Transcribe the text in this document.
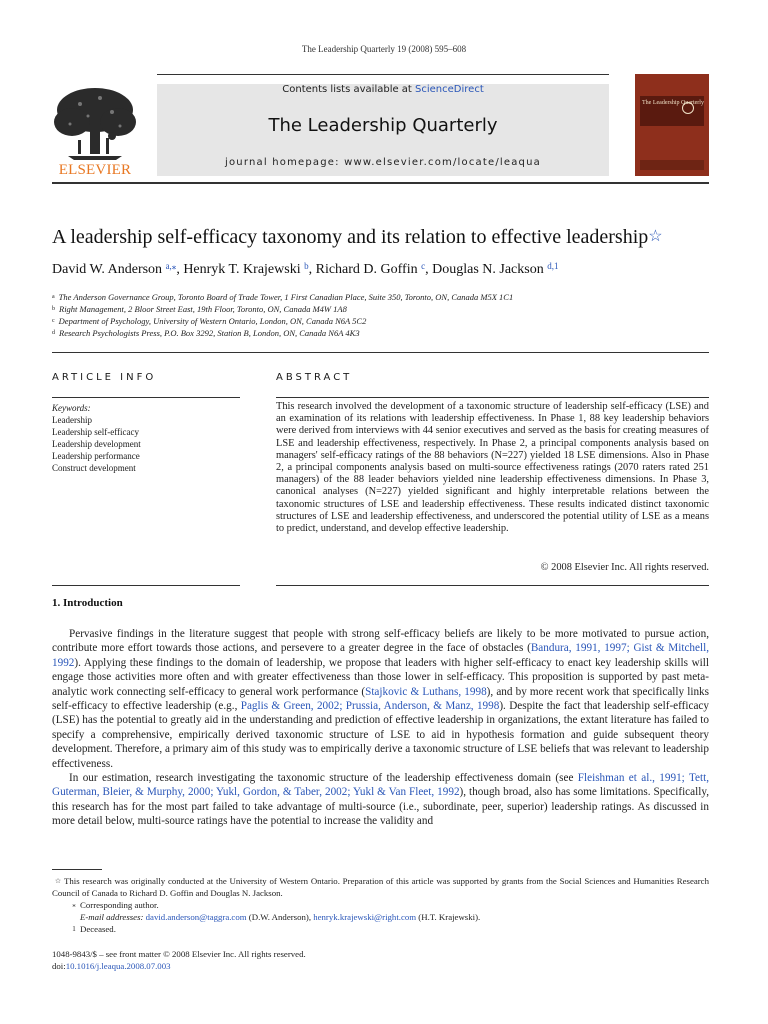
The Leadership Quarterly 19 (2008) 595–608
ELSEVIER
Contents lists available at ScienceDirect
The Leadership Quarterly
journal homepage: www.elsevier.com/locate/leaqua
The Leadership Quarterly
A leadership self-efficacy taxonomy and its relation to effective leadership☆
David W. Anderson $^{a,⁎}$, Henryk T. Krajewski $^b$, Richard D. Goffin $^c$, Douglas N. Jackson $^{d,1}$
$^a$ The Anderson Governance Group, Toronto Board of Trade Tower, 1 First Canadian Place, Suite 350, Toronto, ON, Canada M5X 1C1
$^b$ Right Management, 2 Bloor Street East, 19th Floor, Toronto, ON, Canada M4W 1A8
$^c$ Department of Psychology, University of Western Ontario, London, ON, Canada N6A 5C2
$^d$ Research Psychologists Press, P.O. Box 3292, Station B, London, ON, Canada N6A 4K3
ARTICLE INFO	ABSTRACT
Keywords:
Leadership
Leadership self-efficacy
Leadership development
Leadership performance
Construct development
This research involved the development of a taxonomic structure of leadership self-efficacy (LSE) and an examination of its relations with leadership effectiveness. In Phase 1, 88 key leadership behaviors were derived from interviews with 44 senior executives and served as the basis for creating measures of LSE and leadership effectiveness, respectively. In Phase 2, a principal components analysis based on managers' self-efficacy ratings of the 88 behaviors (N=227) yielded 18 LSE dimensions. Also in Phase 2, a principal components analysis based on multi-source effectiveness ratings (2070 raters rated 251 managers) of the 88 leader behaviors yielded nine leadership effectiveness dimensions. In Phase 3, canonical analyses (N=227) yielded significant and highly interpretable relations between the taxonomic structures of LSE and leadership effectiveness. These results indicated distinct taxonomic structures of LSE and leadership effectiveness, and underscored the potential utility of LSE as a means to predict, understand, and develop effective leadership.
© 2008 Elsevier Inc. All rights reserved.
1. Introduction

Pervasive findings in the literature suggest that people with strong self-efficacy beliefs are likely to be more motivated to pursue action, contribute more effort towards those actions, and persevere to a greater degree in the face of obstacles (Bandura, 1991, 1997; Gist & Mitchell, 1992). Applying these findings to the domain of leadership, we propose that leaders with higher self-efficacy to enact key leadership skills will engage those activities more often and with greater effectiveness than those lower in self-efficacy. This proposition is supported by past meta-analytic work connecting self-efficacy to general work performance (Stajkovic & Luthans, 1998), and by more recent work that specifically links self-efficacy to effective leadership (e.g., Paglis & Green, 2002; Prussia, Anderson, & Manz, 1998). Despite the fact that leadership self-efficacy (LSE) has the potential to greatly aid in the understanding and prediction of effective leadership in organizations, the extant literature has failed to specify a comprehensive, empirically derived taxonomic structure of LSE to aid in hypothesis formation and guide subsequent theory development. Therefore, a primary aim of this study was to empirically derive a taxonomic structure of LSE beliefs that was relevant to leadership effectiveness.

In our estimation, research investigating the taxonomic structure of the leadership effectiveness domain (see Fleishman et al., 1991; Tett, Guterman, Bleier, & Murphy, 2000; Yukl, Gordon, & Taber, 2002; Yukl & Van Fleet, 1992), though broad, also has some limitations. Specifically, this research has for the most part failed to take advantage of multi-source (i.e., subordinate, peer, superior) leadership ratings. As discussed in more detail below, multi-source ratings have the potential to increase the validity and

☆ This research was originally conducted at the University of Western Ontario. Preparation of this article was supported by grants from the Social Sciences and Humanities Research Council of Canada to Richard D. Goffin and Douglas N. Jackson.
⁎ Corresponding author.
E-mail addresses: david.anderson@taggra.com (D.W. Anderson), henryk.krajewski@right.com (H.T. Krajewski).
1 Deceased.
1048-9843/$ – see front matter © 2008 Elsevier Inc. All rights reserved.
doi:10.1016/j.leaqua.2008.07.003
